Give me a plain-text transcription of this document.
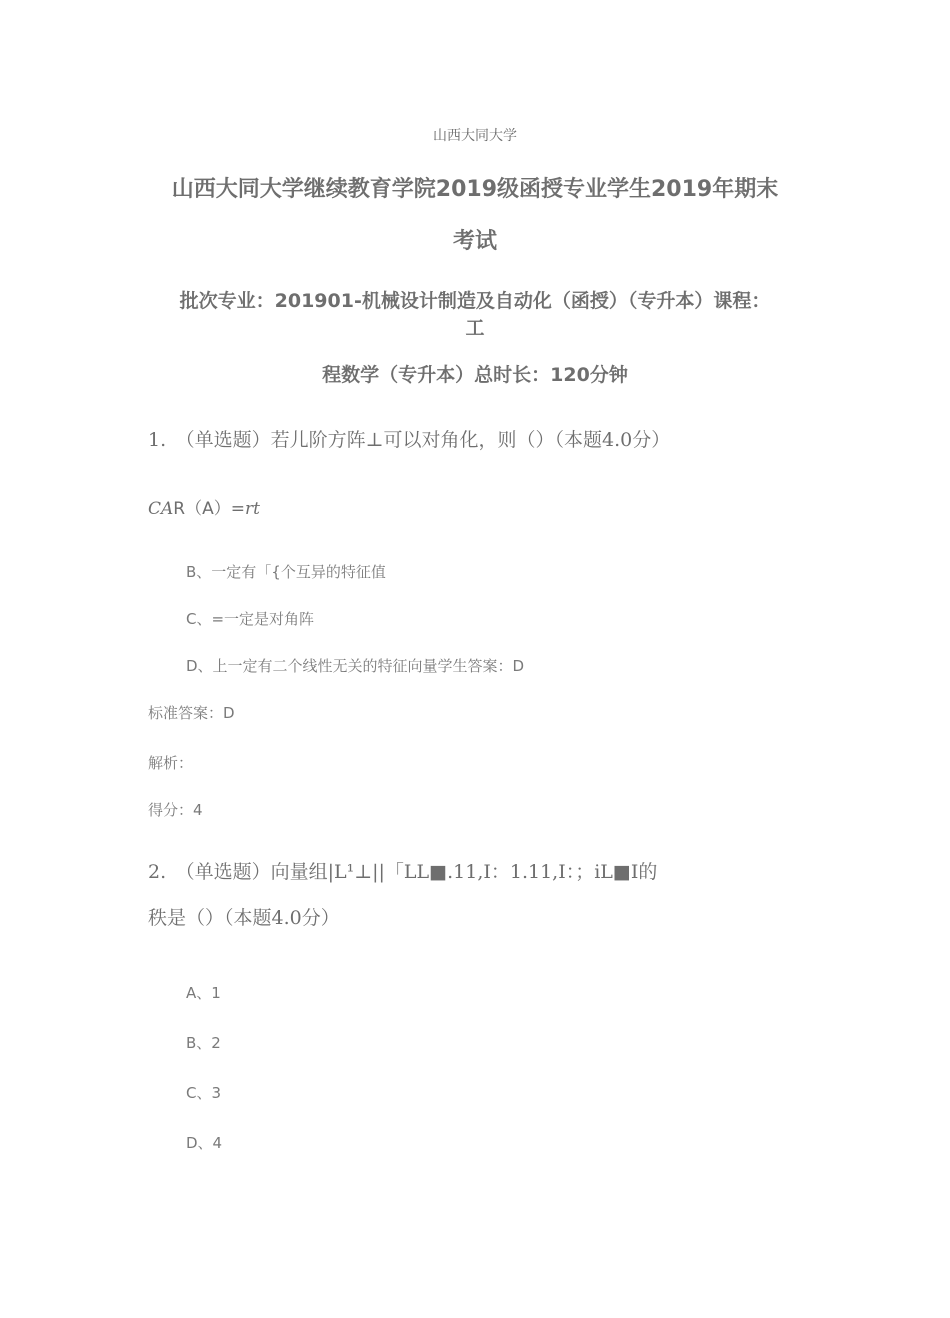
山西大同大学
山西大同大学继续教育学院2019级函授专业学生2019年期末
考试
批次专业：201901-机械设计制造及自动化（函授）（专升本）课程：
工
程数学（专升本）总时长：120分钟
1.　（单选题）若儿阶方阵⊥可以对角化，则（）（本题4.0分）
CAR（A）=rt
B、一定有「{个互异的特征值
C、=一定是对角阵
D、上一定有二个线性无关的特征向量学生答案：D
标准答案：D
解析：
得分：4
2.　（单选题）向量组|L¹⊥||「LL■.11,I：1.11,I：；iL■I的
秩是（）（本题4.0分）
A、1
B、2
C、3
D、4
